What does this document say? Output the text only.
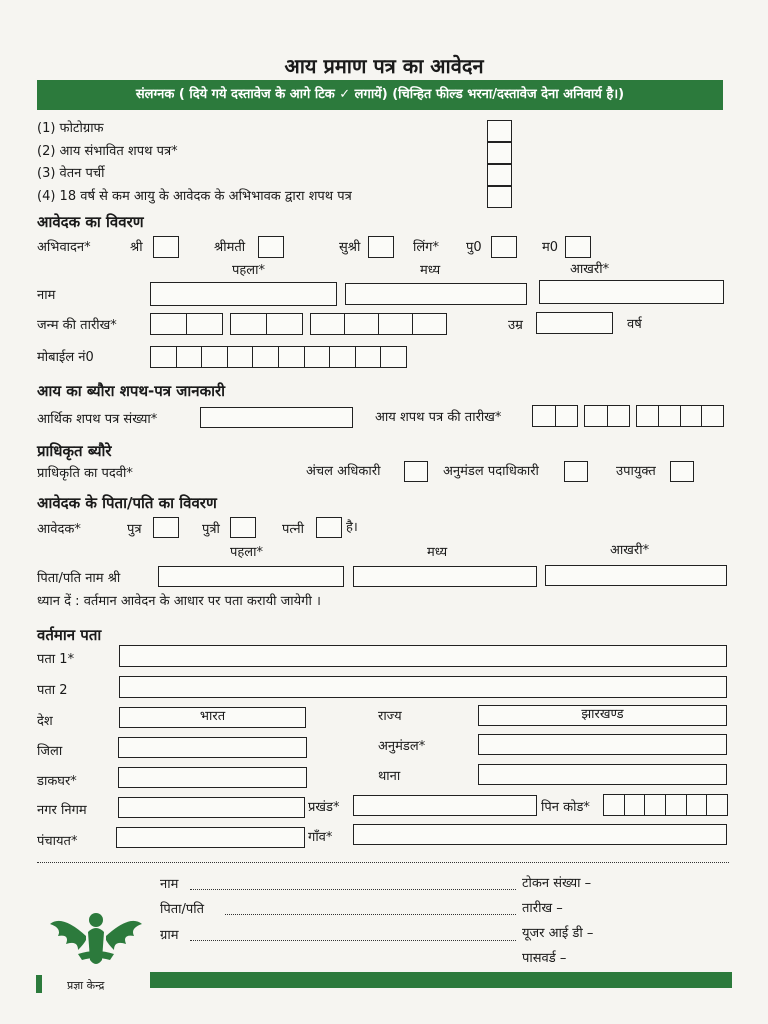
आय प्रमाण पत्र का आवेदन
संलग्नक ( दिये गये दस्तावेज के आगे टिक ✓ लगायें) (चिन्हित फील्ड भरना/दस्तावेज देना अनिवार्य है।)
(1) फोटोग्राफ
(2) आय संभावित शपथ पत्र*
(3) वेतन पर्ची
(4) 18 वर्ष से कम आयु के आवेदक के अभिभावक द्वारा शपथ पत्र
आवेदक का विवरण
अभिवादन*	श्री	श्रीमती	सुश्री	लिंग* पु0	म0
पहला*	मध्य	आखरी*
नाम
जन्म की तारीख*	उम्र	वर्ष
मोबाईल नं0
आय का ब्यौरा शपथ-पत्र जानकारी
आर्थिक शपथ पत्र संख्या*	आय शपथ पत्र की तारीख*
प्राधिकृत ब्यौरे
प्राधिकृति का पदवी*	अंचल अधिकारी	अनुमंडल पदाधिकारी	उपायुक्त
आवेदक के पिता/पति का विवरण
आवेदक*	पुत्र	पुत्री	पत्नी	है।
पहला*	मध्य	आखरी*
पिता/पति नाम श्री
ध्यान दें : वर्तमान आवेदन के आधार पर पता करायी जायेगी ।
वर्तमान पता
पता 1*
पता 2
देश	भारत	राज्य	झारखण्ड
जिला	अनुमंडल*
डाकघर*	थाना
नगर निगम	प्रखंड*	पिन कोड*
पंचायत*	गाँव*
प्रज्ञा केन्द्र
नाम
पिता/पति
ग्राम
टोकन संख्या –
तारीख –
यूजर आई डी –
पासवर्ड –
